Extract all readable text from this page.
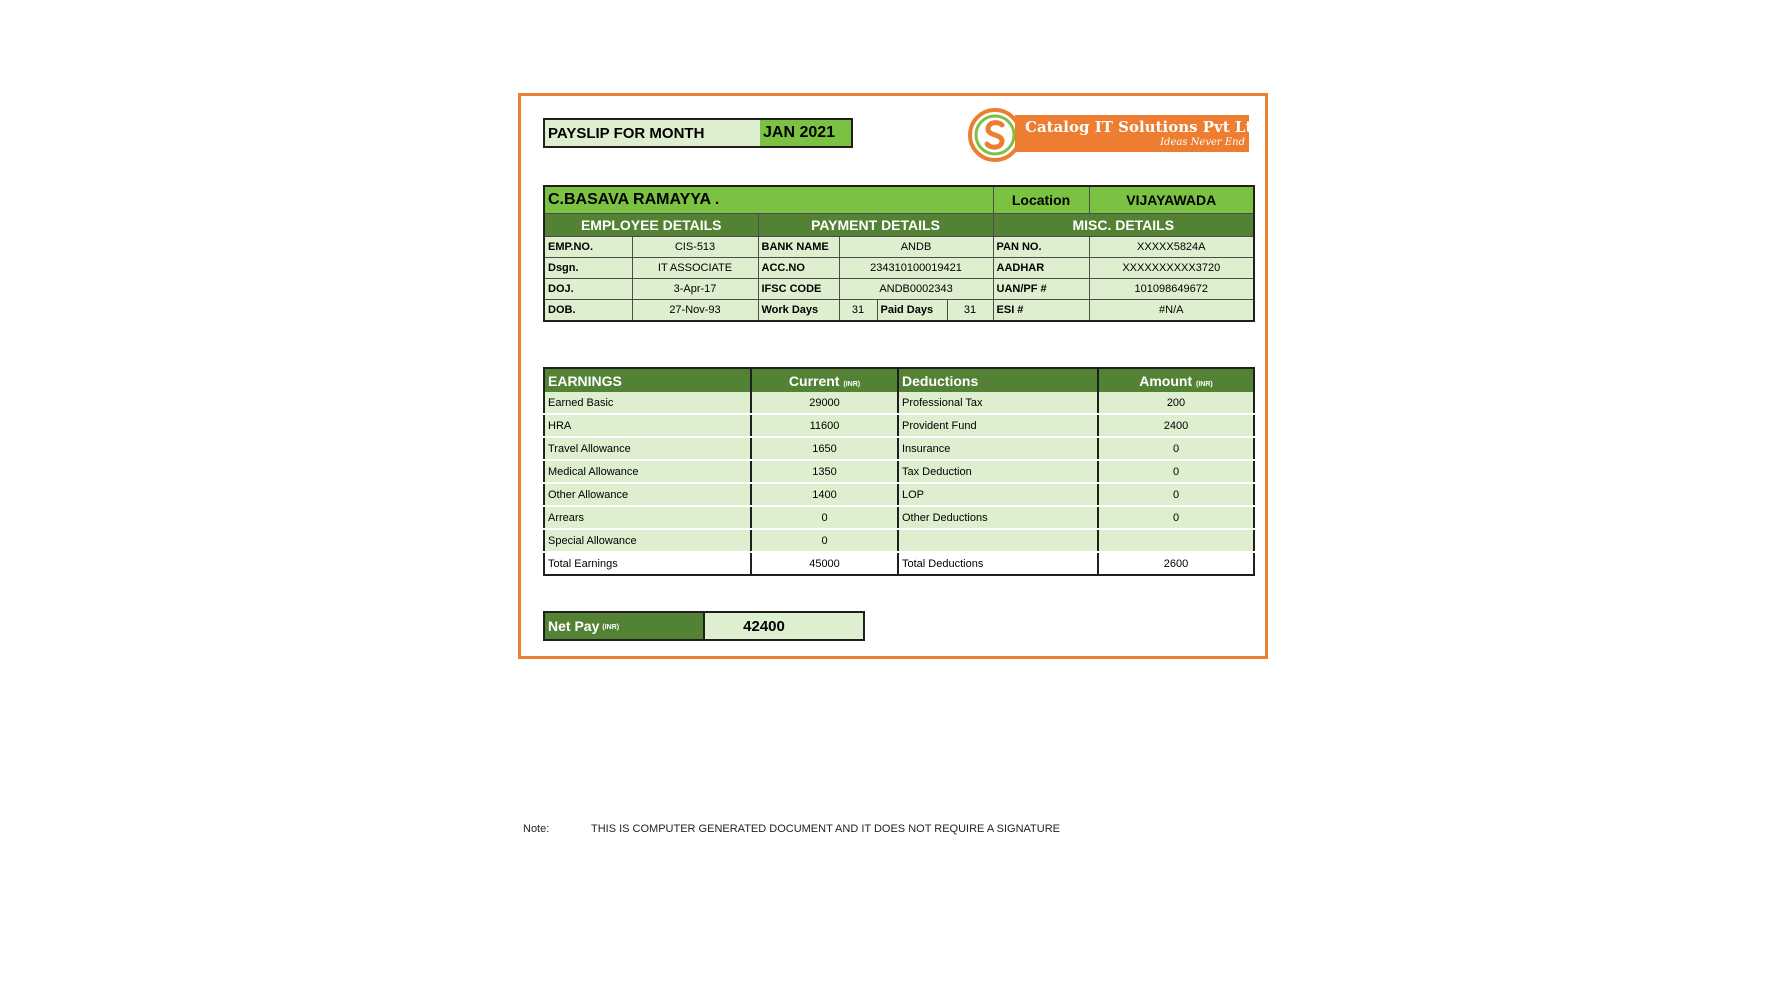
PAYSLIP FOR MONTH	JAN 2021	Catalog IT Solutions Pvt Ltd
Ideas Never End
C.BASAVA RAMAYYA .						Location	VIJAYAWADA
EMPLOYEE DETAILS		PAYMENT DETAILS				MISC. DETAILS	
EMP.NO.	CIS-513	BANK NAME	ANDB			PAN NO.	XXXXX5824A
Dsgn.	IT ASSOCIATE	ACC.NO	234310100019421			AADHAR	XXXXXXXXXX3720
DOJ.	3-Apr-17	IFSC CODE	ANDB0002343			UAN/PF #	101098649672
DOB.	27-Nov-93	Work Days	31	Paid Days	31	ESI #	#N/A
EARNINGS	Current (INR)	Deductions	Amount (INR)
Earned Basic	29000	Professional Tax	200
HRA	11600	Provident Fund	2400
Travel Allowance	1650	Insurance	0
Medical Allowance	1350	Tax Deduction	0
Other Allowance	1400	LOP	0
Arrears	0	Other Deductions	0
Special Allowance	0		
Total Earnings	45000	Total Deductions	2600
Net Pay (INR)	42400
Note:	THIS IS COMPUTER GENERATED DOCUMENT AND IT DOES NOT REQUIRE A SIGNATURE
